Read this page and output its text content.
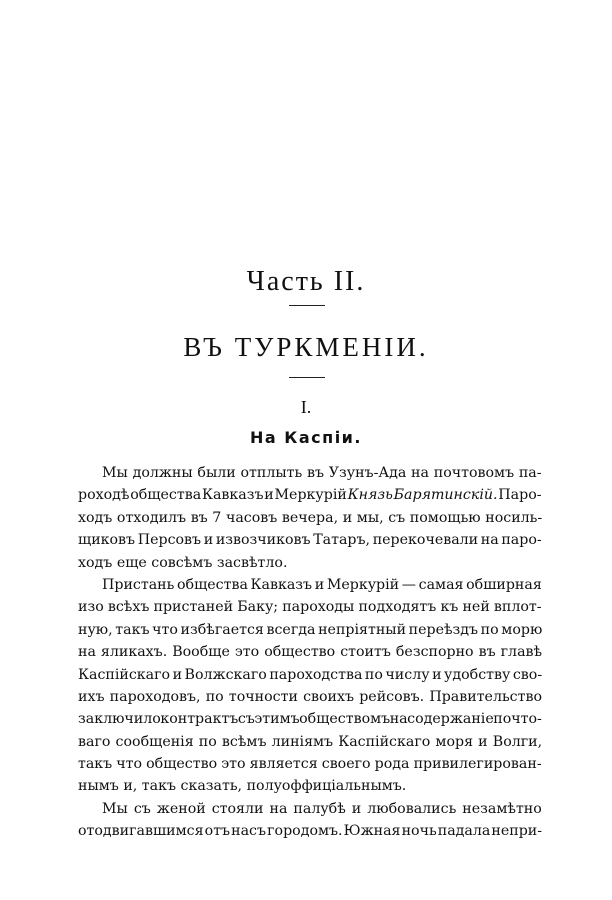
Часть II.
ВЪ ТУРКМЕНІИ.
I.
На Каспіи.
Мы должны были отплыть въ Узунъ-Ада на почтовомъ па-
роходѣ общества Кавказъ и Меркурій Князь Барятинскій. Паро-
ходъ отходилъ въ 7 часовъ вечера, и мы, съ помощью носиль-
щиковъ Персовъ и извозчиковъ Татаръ, перекочевали на паро-
ходъ еще совсѣмъ засвѣтло.
Пристань общества Кавказъ и Меркурій — самая обширная
изо всѣхъ пристаней Баку; пароходы подходятъ къ ней вплот-
ную, такъ что избѣгается всегда непріятный переѣздъ по морю
на яликахъ. Вообще это общество стоитъ безспорно въ главѣ
Каспійскаго и Волжскаго пароходства по числу и удобству сво-
ихъ пароходовъ, по точности своихъ рейсовъ. Правительство
заключило контрактъ съ этимъ обществомъ на содержаніе почто-
ваго сообщенія по всѣмъ линіямъ Каспійскаго моря и Волги,
такъ что общество это является своего рода привилегирован-
нымъ и, такъ сказать, полуоффиціальнымъ.
Мы съ женой стояли на палубѣ и любовались незамѣтно
отодвигавшимся отъ насъ городомъ. Южная ночь падала непри-
